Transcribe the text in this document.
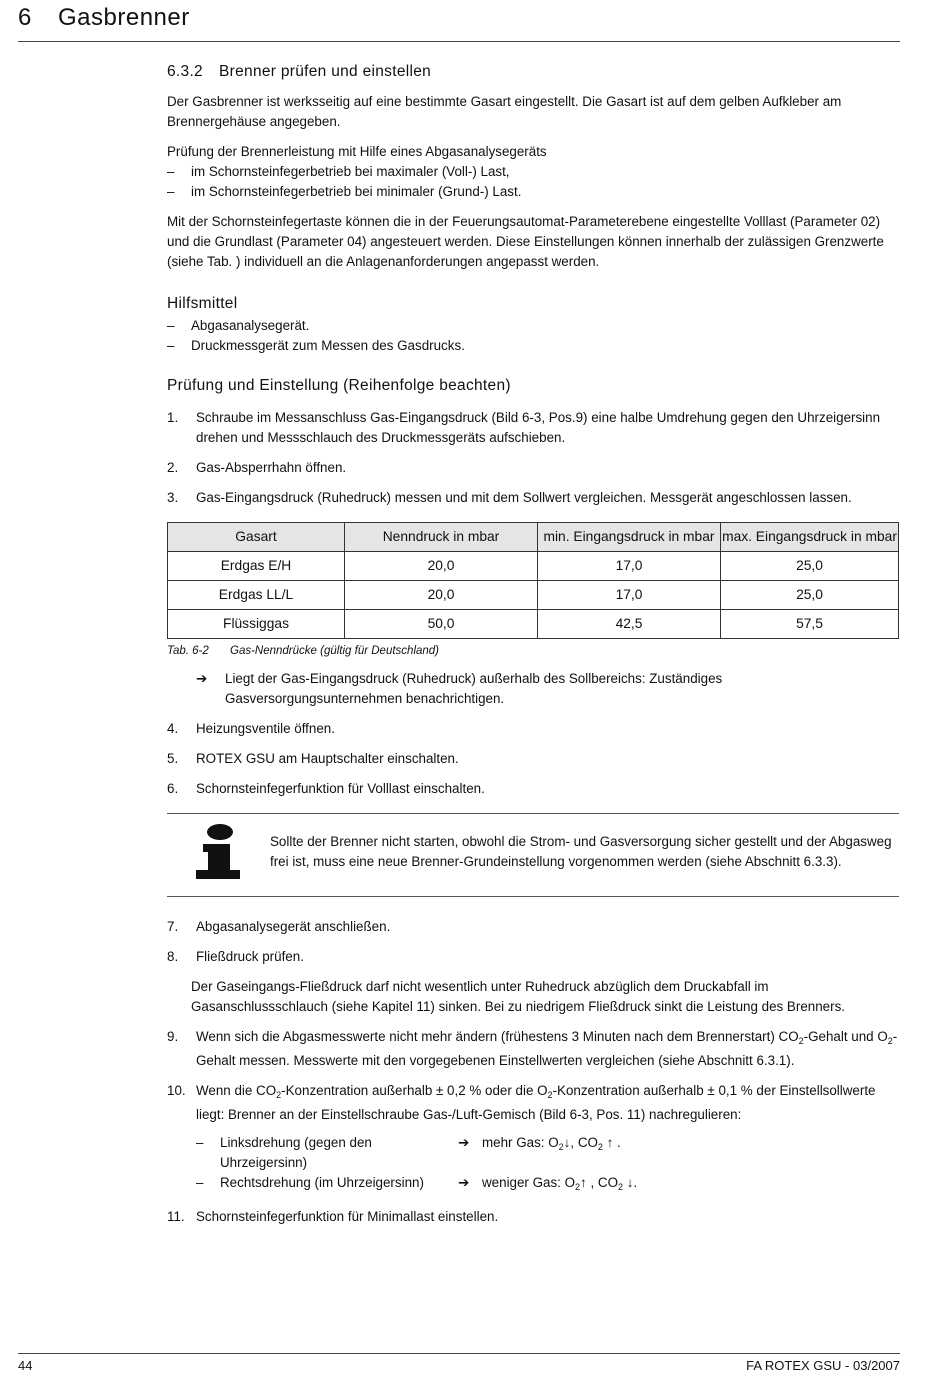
6 Gasbrenner
6.3.2 Brenner prüfen und einstellen

Der Gasbrenner ist werksseitig auf eine bestimmte Gasart eingestellt. Die Gasart ist auf dem gelben Aufkleber am Brennergehäuse angegeben.

Prüfung der Brennerleistung mit Hilfe eines Abgasanalysegeräts

–	im Schornsteinfegerbetrieb bei maximaler (Voll-) Last,
–	im Schornsteinfegerbetrieb bei minimaler (Grund-) Last.

Mit der Schornsteinfegertaste können die in der Feuerungsautomat-Parameterebene eingestellte Volllast (Parameter 02) und die Grundlast (Parameter 04) angesteuert werden. Diese Einstellungen können innerhalb der zulässigen Grenzwerte (siehe Tab. ) individuell an die Anlagenanforderungen angepasst werden.

Hilfsmittel
–	Abgasanalysegerät.
–	Druckmessgerät zum Messen des Gasdrucks.
Prüfung und Einstellung (Reihenfolge beachten)
1.	Schraube im Messanschluss Gas-Eingangsdruck (Bild 6-3, Pos.9) eine halbe Umdrehung gegen den Uhrzeigersinn drehen und Messschlauch des Druckmessgeräts aufschieben.
2.	Gas-Absperrhahn öffnen.
3.	Gas-Eingangsdruck (Ruhedruck) messen und mit dem Sollwert vergleichen. Messgerät angeschlossen lassen.
Gasart	Nenndruck in mbar	min. Eingangsdruck in mbar	max. Eingangsdruck in mbar
Erdgas E/H	20,0	17,0	25,0
Erdgas LL/L	20,0	17,0	25,0
Flüssiggas	50,0	42,5	57,5
Tab. 6-2 Gas-Nenndrücke (gültig für Deutschland)
➔	Liegt der Gas-Eingangsdruck (Ruhedruck) außerhalb des Sollbereichs: Zuständiges Gasversorgungsunternehmen benachrichtigen.
4.	Heizungsventile öffnen.
5.	ROTEX GSU am Hauptschalter einschalten.
6.	Schornsteinfegerfunktion für Volllast einschalten.
Sollte der Brenner nicht starten, obwohl die Strom- und Gasversorgung sicher gestellt und der Abgasweg frei ist, muss eine neue Brenner-Grundeinstellung vorgenommen werden (siehe Abschnitt 6.3.3).
7.	Abgasanalysegerät anschließen.
8.	Fließdruck prüfen.

Der Gaseingangs-Fließdruck darf nicht wesentlich unter Ruhedruck abzüglich dem Druckabfall im Gasanschlussschlauch (siehe Kapitel 11) sinken. Bei zu niedrigem Fließdruck sinkt die Leistung des Brenners.

9.	Wenn sich die Abgasmesswerte nicht mehr ändern (frühestens 3 Minuten nach dem Brennerstart) $CO_2$-Gehalt und $O_2$-Gehalt messen. Messwerte mit den vorgegebenen Einstellwerten vergleichen (siehe Abschnitt 6.3.1).
10. Wenn die $CO_2$-Konzentration außerhalb ± 0,2 % oder die $O_2$-Konzentration außerhalb ± 0,1 % der Einstellsollwerte liegt: Brenner an der Einstellschraube Gas-/Luft-Gemisch (Bild 6-3, Pos. 11) nachregulieren:
–	Linksdrehung (gegen den Uhrzeigersinn)
➔ mehr Gas: $O_2↓$, $CO_2$ ↑ .
–	Rechtsdrehung (im Uhrzeigersinn)	➔ weniger Gas: $O_2↑$ , $CO_2$ ↓.
11. Schornsteinfegerfunktion für Minimallast einstellen.
44	FA ROTEX GSU - 03/2007
